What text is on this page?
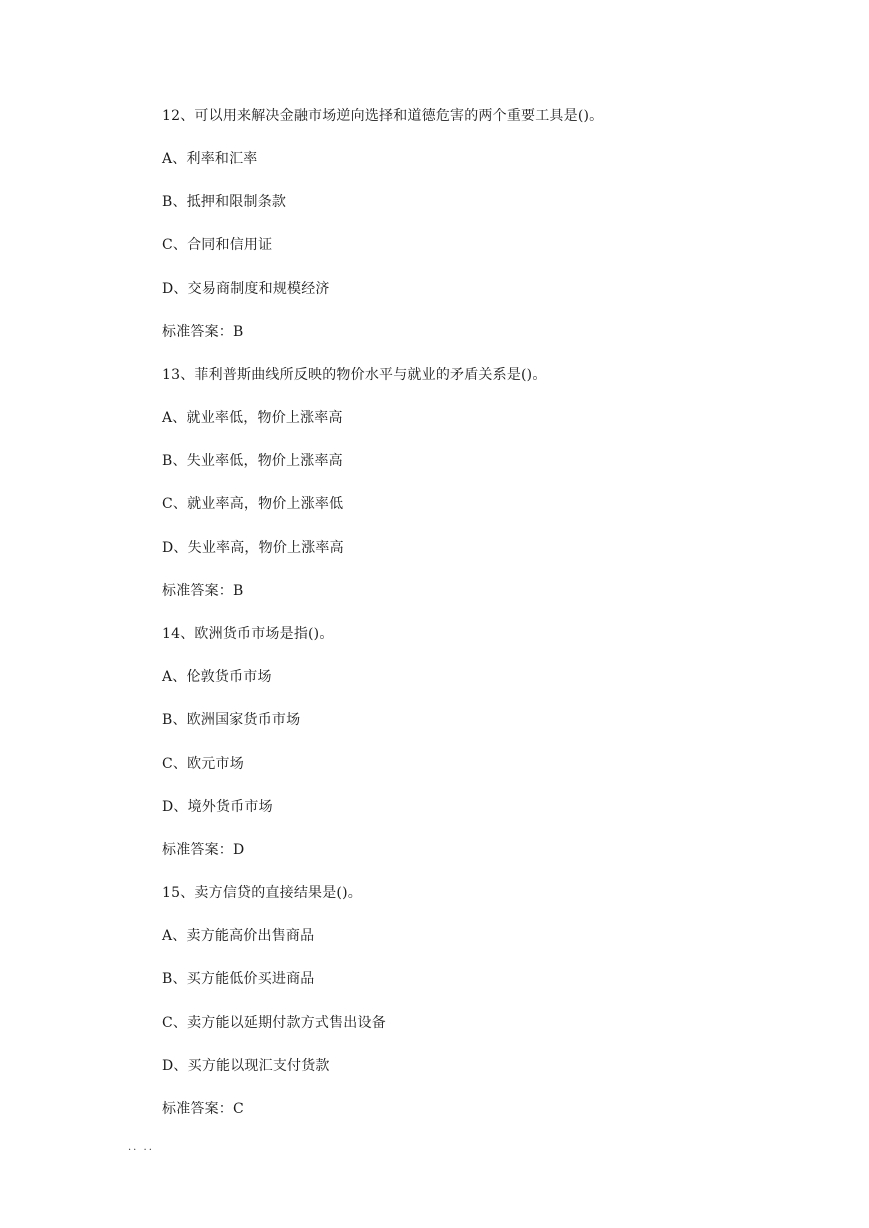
12、可以用来解决金融市场逆向选择和道德危害的两个重要工具是()。
A、利率和汇率
B、抵押和限制条款
C、合同和信用证
D、交易商制度和规模经济
标准答案：B
13、菲利普斯曲线所反映的物价水平与就业的矛盾关系是()。
A、就业率低，物价上涨率高
B、失业率低，物价上涨率高
C、就业率高，物价上涨率低
D、失业率高，物价上涨率高
标准答案：B
14、欧洲货币市场是指()。
A、伦敦货币市场
B、欧洲国家货币市场
C、欧元市场
D、境外货币市场
标准答案：D
15、卖方信贷的直接结果是()。
A、卖方能高价出售商品
B、买方能低价买进商品
C、卖方能以延期付款方式售出设备
D、买方能以现汇支付货款
标准答案：C
.. ..
